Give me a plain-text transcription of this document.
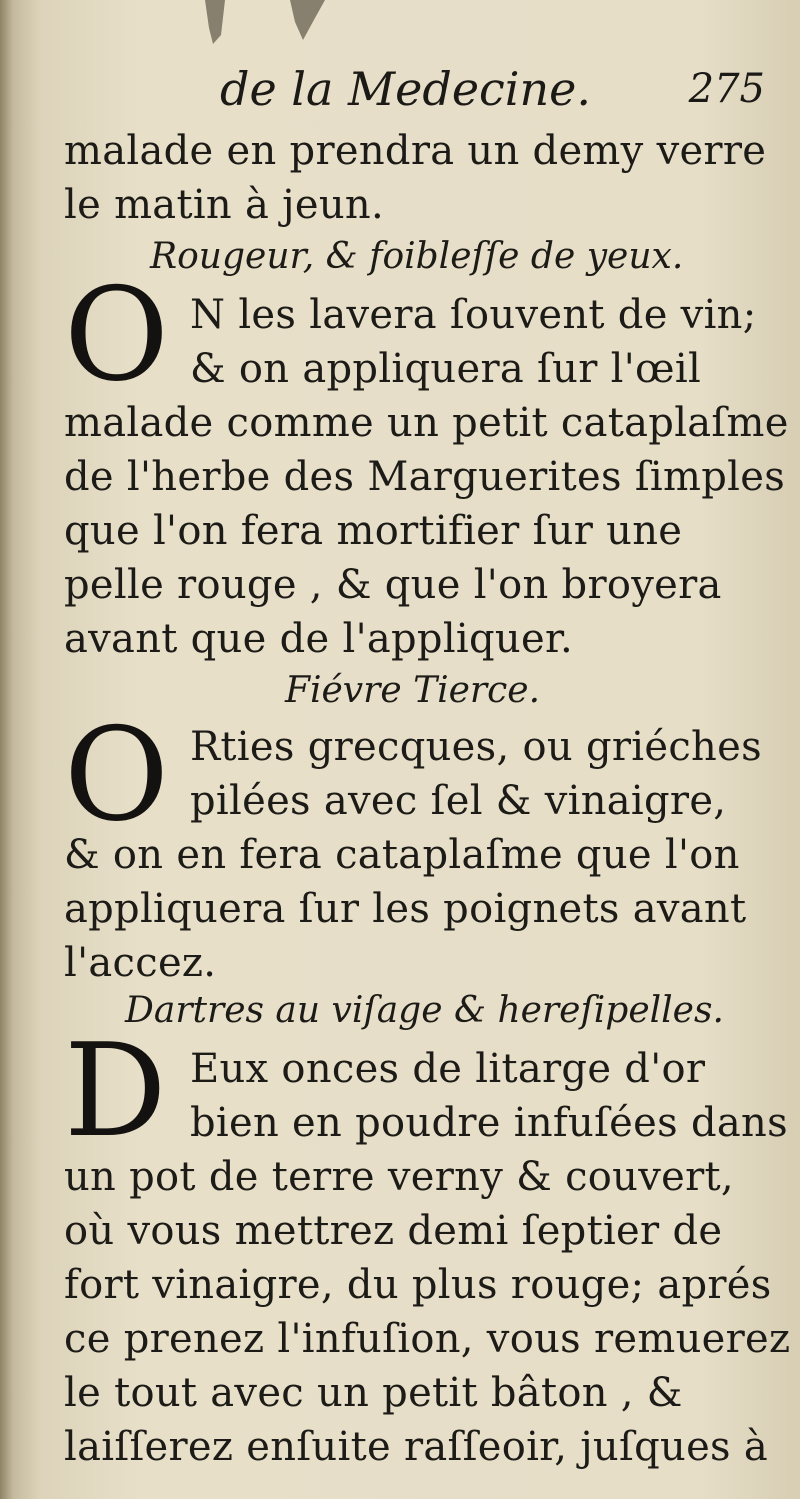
de la Medecine. 275
malade en prendra un demy verre
le matin à jeun.
Rougeur, & foibleſſe de yeux.
O N les lavera ſouvent de vin;
& on appliquera ſur l'œil
malade comme un petit cataplaſme
de l'herbe des Marguerites ſimples
que l'on fera mortifier ſur une
pelle rouge , & que l'on broyera
avant que de l'appliquer.
Fiévre Tierce.
O Rties grecques, ou griéches
pilées avec ſel & vinaigre,
& on en fera cataplaſme que l'on
appliquera ſur les poignets avant
l'accez.
Dartres au viſage & hereſipelles.
D Eux onces de litarge d'or
bien en poudre infuſées dans
un pot de terre verny & couvert,
où vous mettrez demi ſeptier de
fort vinaigre, du plus rouge; aprés
ce prenez l'infuſion, vous remuerez
le tout avec un petit bâton , &
laiſſerez enſuite raſſeoir, juſques à
